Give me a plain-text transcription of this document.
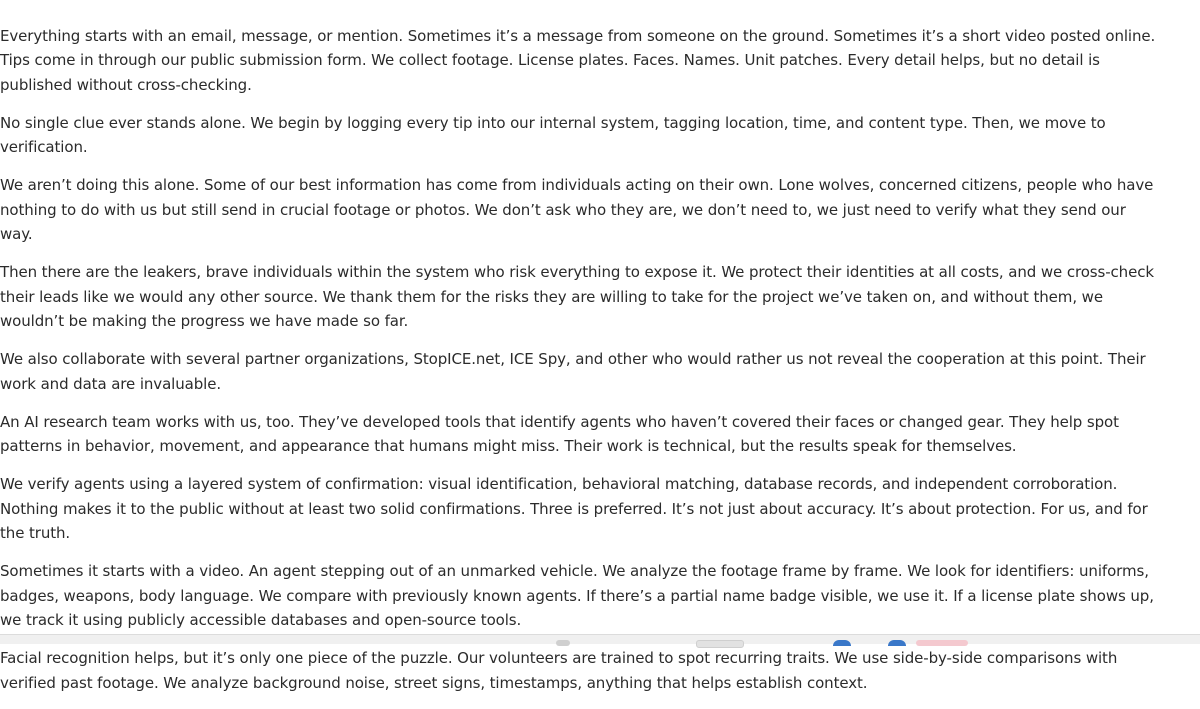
Everything starts with an email, message, or mention. Sometimes it’s a message from someone on the ground. Sometimes it’s a short video posted online. Tips come in through our public submission form. We collect footage. License plates. Faces. Names. Unit patches. Every detail helps, but no detail is published without cross-checking.

No single clue ever stands alone. We begin by logging every tip into our internal system, tagging location, time, and content type. Then, we move to verification.

We aren’t doing this alone. Some of our best information has come from individuals acting on their own. Lone wolves, concerned citizens, people who have nothing to do with us but still send in crucial footage or photos. We don’t ask who they are, we don’t need to, we just need to verify what they send our way.

Then there are the leakers, brave individuals within the system who risk everything to expose it. We protect their identities at all costs, and we cross-check their leads like we would any other source. We thank them for the risks they are willing to take for the project we’ve taken on, and without them, we wouldn’t be making the progress we have made so far.

We also collaborate with several partner organizations, StopICE.net, ICE Spy, and other who would rather us not reveal the cooperation at this point. Their work and data are invaluable.

An AI research team works with us, too. They’ve developed tools that identify agents who haven’t covered their faces or changed gear. They help spot patterns in behavior, movement, and appearance that humans might miss. Their work is technical, but the results speak for themselves.

We verify agents using a layered system of confirmation: visual identification, behavioral matching, database records, and independent corroboration. Nothing makes it to the public without at least two solid confirmations. Three is preferred. It’s not just about accuracy. It’s about protection. For us, and for the truth.

Sometimes it starts with a video. An agent stepping out of an unmarked vehicle. We analyze the footage frame by frame. We look for identifiers: uniforms, badges, weapons, body language. We compare with previously known agents. If there’s a partial name badge visible, we use it. If a license plate shows up, we track it using publicly accessible databases and open-source tools.

Facial recognition helps, but it’s only one piece of the puzzle. Our volunteers are trained to spot recurring traits. We use side-by-side comparisons with verified past footage. We analyze background noise, street signs, timestamps, anything that helps establish context.
